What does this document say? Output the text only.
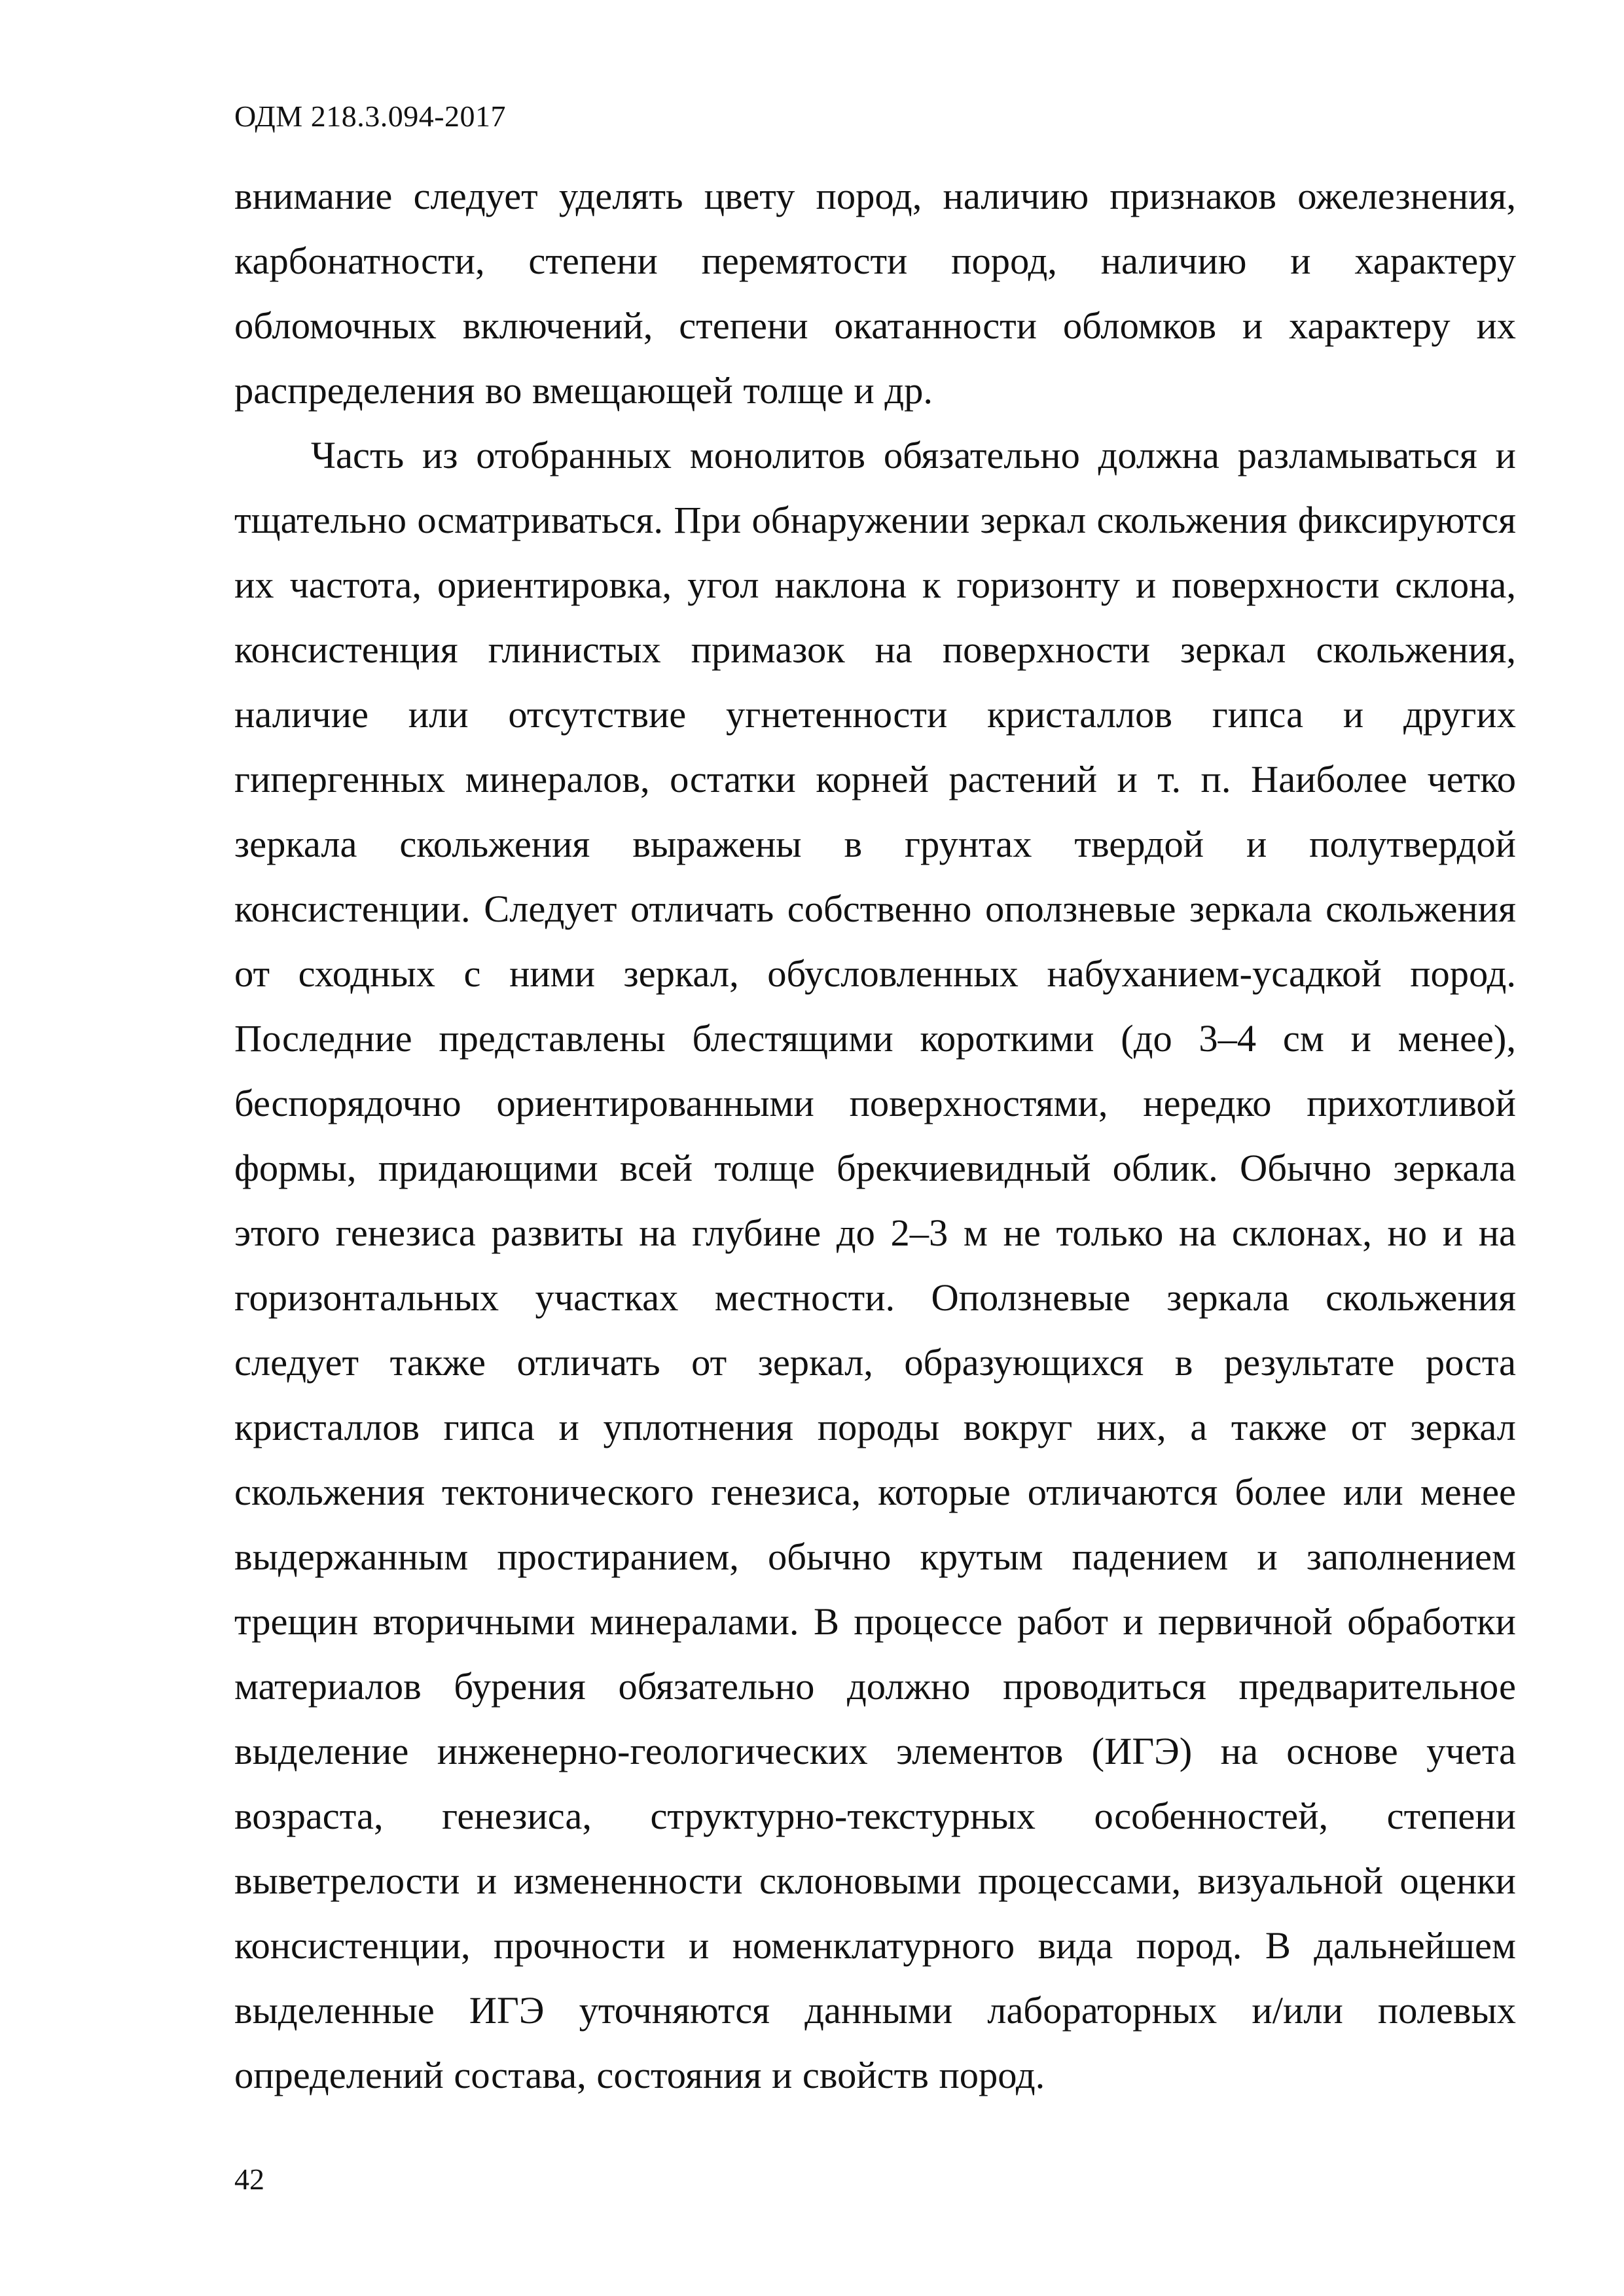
ОДМ 218.3.094-2017

внимание следует уделять цвету пород, наличию признаков ожелезнения, карбонатности, степени перемятости пород, наличию и характеру обломочных включений, степени окатанности обломков и характеру их распределения во вмещающей толще и др.

Часть из отобранных монолитов обязательно должна разламываться и тщательно осматриваться. При обнаружении зеркал скольжения фиксируются их частота, ориентировка, угол наклона к горизонту и поверхности склона, консистенция глинистых примазок на поверхности зеркал скольжения, наличие или отсутствие угнетенности кристаллов гипса и других гипергенных минералов, остатки корней растений и т. п. Наиболее четко зеркала скольжения выражены в грунтах твердой и полутвердой консистенции. Следует отличать собственно оползневые зеркала скольжения от сходных с ними зеркал, обусловленных набуханием-усадкой пород. Последние представлены блестящими короткими (до 3–4 см и менее), беспорядочно ориентированными поверхностями, нередко прихотливой формы, придающими всей толще брекчиевидный облик. Обычно зеркала этого генезиса развиты на глубине до 2–3 м не только на склонах, но и на горизонтальных участках местности. Оползневые зеркала скольжения следует также отличать от зеркал, образующихся в результате роста кристаллов гипса и уплотнения породы вокруг них, а также от зеркал скольжения тектонического генезиса, которые отличаются более или менее выдержанным простиранием, обычно крутым падением и заполнением трещин вторичными минералами. В процессе работ и первичной обработки материалов бурения обязательно должно проводиться предварительное выделение инженерно-геологических элементов (ИГЭ) на основе учета возраста, генезиса, структурно-текстурных особенностей, степени выветрелости и измененности склоновыми процессами, визуальной оценки консистенции, прочности и номенклатурного вида пород. В дальнейшем выделенные ИГЭ уточняются данными лабораторных и/или полевых определений состава, состояния и свойств пород.

42
